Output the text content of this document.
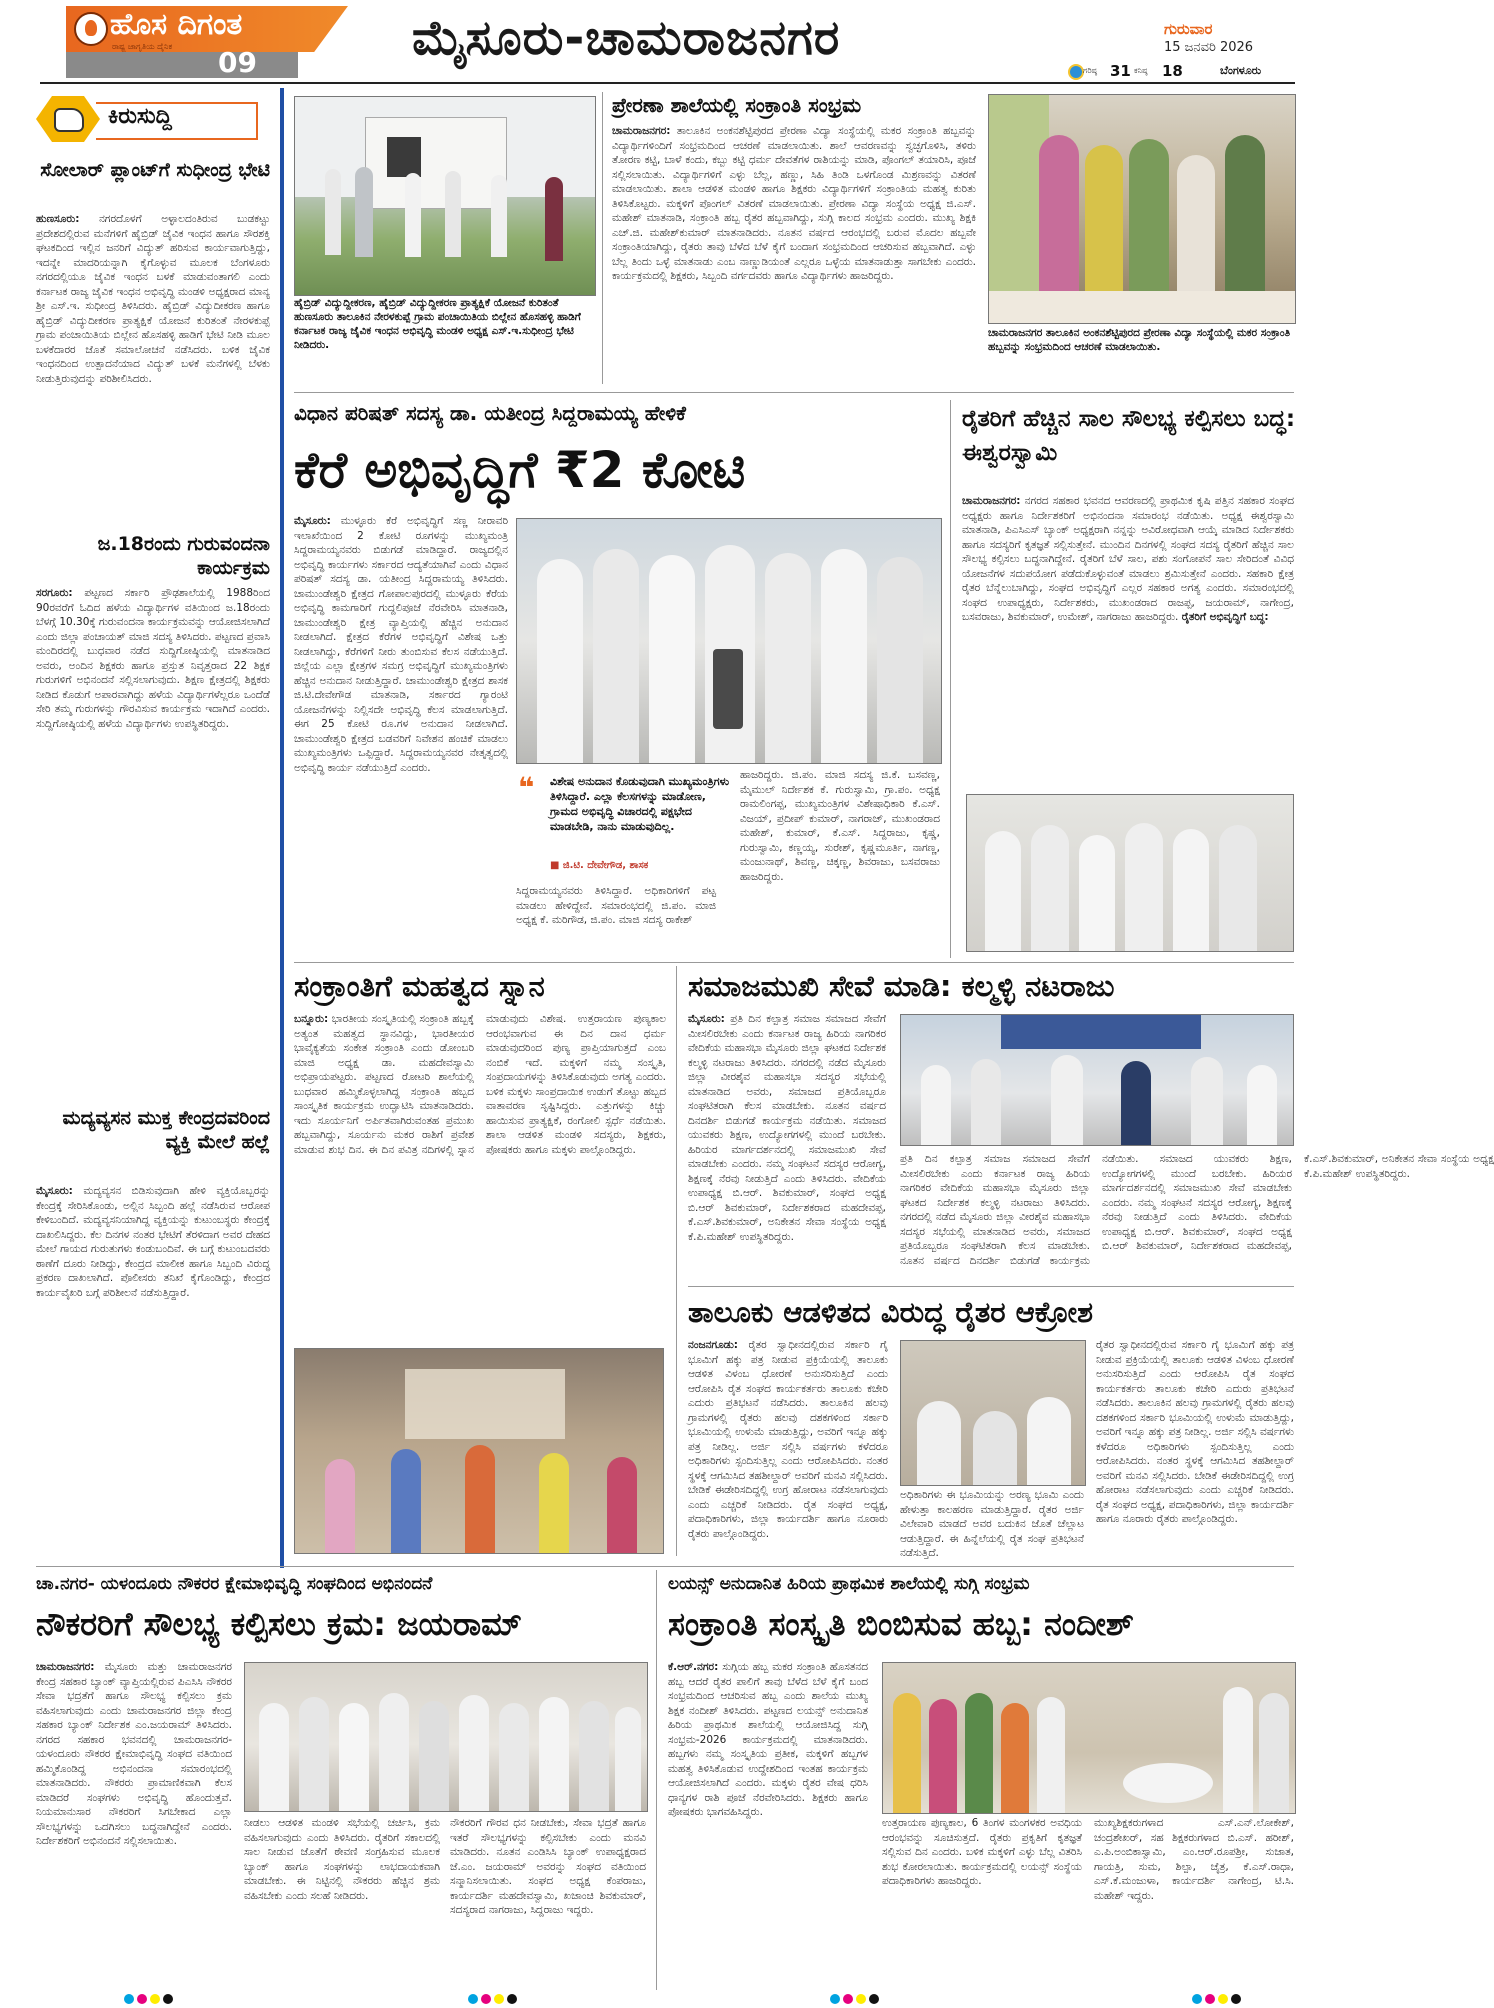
ಹೊಸ ದಿಗಂತ
ರಾಷ್ಟ್ರ ಜಾಗೃತಿಯ ದೈನಿಕ 09	ಮೈಸೂರು-ಚಾಮರಾಜನಗರ	ಗುರುವಾರ
15 ಜನವರಿ 2026
ಗರಿಷ್ಠ 31 ಕನಿಷ್ಠ 18	ಬೆಂಗಳೂರು
ಕಿರುಸುದ್ದಿ
ಸೋಲಾರ್ ಪ್ಲಾಂಟ್‌ಗೆ ಸುಧೀಂದ್ರ ಭೇಟಿ
ಹುಣಸೂರು: ನಗರದೊಳಗೆ ಅಳ್ಳಾಲದಂತಿರುವ ಬುಡಕಟ್ಟು ಪ್ರದೇಶದಲ್ಲಿರುವ ಮನೆಗಳಿಗೆ ಹೈಬ್ರಿಡ್ ಜೈವಿಕ ಇಂಧನ ಹಾಗೂ ಸೌರಶಕ್ತಿ ಘಟಕದಿಂದ ಇಲ್ಲಿನ ಜನರಿಗೆ ವಿದ್ಯುತ್ ಹರಿಸುವ ಕಾರ್ಯವಾಗುತ್ತಿದ್ದು, ಇದನ್ನೇ ಮಾದರಿಯನ್ನಾಗಿ ಕೈಗೊಳ್ಳುವ ಮೂಲಕ ಬೆಂಗಳೂರು ನಗರದಲ್ಲಿಯೂ ಜೈವಿಕ ಇಂಧನ ಬಳಕೆ ಮಾಡುವಂತಾಗಲಿ ಎಂದು ಕರ್ನಾಟಕ ರಾಜ್ಯ ಜೈವಿಕ ಇಂಧನ ಅಭಿವೃದ್ಧಿ ಮಂಡಳಿ ಅಧ್ಯಕ್ಷರಾದ ಮಾನ್ಯ ಶ್ರೀ ಎಸ್.ಇ. ಸುಧೀಂದ್ರ ತಿಳಿಸಿದರು. ಹೈಬ್ರಿಡ್ ವಿದ್ಯುದೀಕರಣ ಹಾಗೂ ಹೈಬ್ರಿಡ್ ವಿದ್ಯುದೀಕರಣ ಪ್ರಾತ್ಯಕ್ಷಿಕೆ ಯೋಜನೆ ಕುರಿತಂತೆ ನೇರಳಕುಪ್ಪೆ ಗ್ರಾಮ ಪಂಚಾಯಿತಿಯ ಬಿಲ್ಲೇನ ಹೊಸಹಳ್ಳಿ ಹಾಡಿಗೆ ಭೇಟಿ ನೀಡಿ ಮೂಲ ಬಳಕೆದಾರರ ಜೊತೆ ಸಮಾಲೋಚನೆ ನಡೆಸಿದರು. ಬಳಿಕ ಜೈವಿಕ ಇಂಧನದಿಂದ ಉತ್ಪಾದನೆಯಾದ ವಿದ್ಯುತ್ ಬಳಕೆ ಮನೆಗಳಲ್ಲಿ ಬೆಳಕು ನೀಡುತ್ತಿರುವುದನ್ನು ಪರಿಶೀಲಿಸಿದರು.
ಜ.18ರಂದು ಗುರುವಂದನಾ ಕಾರ್ಯಕ್ರಮ
ಸರಗೂರು: ಪಟ್ಟಣದ ಸರ್ಕಾರಿ ಪ್ರೌಢಶಾಲೆಯಲ್ಲಿ 1988ರಿಂದ 90ರವರೆಗೆ ಓದಿದ ಹಳೆಯ ವಿದ್ಯಾರ್ಥಿಗಳ ವತಿಯಿಂದ ಜ.18ರಂದು ಬೆಳಗ್ಗೆ 10.30ಕ್ಕೆ ಗುರುವಂದನಾ ಕಾರ್ಯಕ್ರಮವನ್ನು ಆಯೋಜಿಸಲಾಗಿದೆ ಎಂದು ಜಿಲ್ಲಾ ಪಂಚಾಯತ್ ಮಾಜಿ ಸದಸ್ಯ ತಿಳಿಸಿದರು. ಪಟ್ಟಣದ ಪ್ರವಾಸಿ ಮಂದಿರದಲ್ಲಿ ಬುಧವಾರ ನಡೆದ ಸುದ್ದಿಗೋಷ್ಠಿಯಲ್ಲಿ ಮಾತನಾಡಿದ ಅವರು, ಅಂದಿನ ಶಿಕ್ಷಕರು ಹಾಗೂ ಪ್ರಸ್ತುತ ನಿವೃತ್ತರಾದ 22 ಶಿಕ್ಷಕ ಗುರುಗಳಿಗೆ ಅಭಿನಂದನೆ ಸಲ್ಲಿಸಲಾಗುವುದು. ಶಿಕ್ಷಣ ಕ್ಷೇತ್ರದಲ್ಲಿ ಶಿಕ್ಷಕರು ನೀಡಿದ ಕೊಡುಗೆ ಅಪಾರವಾಗಿದ್ದು ಹಳೆಯ ವಿದ್ಯಾರ್ಥಿಗಳೆಲ್ಲರೂ ಒಂದೆಡೆ ಸೇರಿ ತಮ್ಮ ಗುರುಗಳನ್ನು ಗೌರವಿಸುವ ಕಾರ್ಯಕ್ರಮ ಇದಾಗಿದೆ ಎಂದರು. ಸುದ್ದಿಗೋಷ್ಠಿಯಲ್ಲಿ ಹಳೆಯ ವಿದ್ಯಾರ್ಥಿಗಳು ಉಪಸ್ಥಿತರಿದ್ದರು.
ಮದ್ಯವ್ಯಸನ ಮುಕ್ತ ಕೇಂದ್ರದವರಿಂದ ವ್ಯಕ್ತಿ ಮೇಲೆ ಹಲ್ಲೆ
ಮೈಸೂರು: ಮದ್ಯವ್ಯಸನ ಬಿಡಿಸುವುದಾಗಿ ಹೇಳಿ ವ್ಯಕ್ತಿಯೊಬ್ಬರನ್ನು ಕೇಂದ್ರಕ್ಕೆ ಸೇರಿಸಿಕೊಂಡು, ಅಲ್ಲಿನ ಸಿಬ್ಬಂದಿ ಹಲ್ಲೆ ನಡೆಸಿರುವ ಆರೋಪ ಕೇಳಿಬಂದಿದೆ. ಮದ್ಯವ್ಯಸನಿಯಾಗಿದ್ದ ವ್ಯಕ್ತಿಯನ್ನು ಕುಟುಂಬಸ್ಥರು ಕೇಂದ್ರಕ್ಕೆ ದಾಖಲಿಸಿದ್ದರು. ಕೆಲ ದಿನಗಳ ನಂತರ ಭೇಟಿಗೆ ತೆರಳಿದಾಗ ಅವರ ದೇಹದ ಮೇಲೆ ಗಾಯದ ಗುರುತುಗಳು ಕಂಡುಬಂದಿವೆ. ಈ ಬಗ್ಗೆ ಕುಟುಂಬದವರು ಠಾಣೆಗೆ ದೂರು ನೀಡಿದ್ದು, ಕೇಂದ್ರದ ಮಾಲೀಕ ಹಾಗೂ ಸಿಬ್ಬಂದಿ ವಿರುದ್ಧ ಪ್ರಕರಣ ದಾಖಲಾಗಿದೆ. ಪೊಲೀಸರು ತನಿಖೆ ಕೈಗೊಂಡಿದ್ದು, ಕೇಂದ್ರದ ಕಾರ್ಯವೈಖರಿ ಬಗ್ಗೆ ಪರಿಶೀಲನೆ ನಡೆಸುತ್ತಿದ್ದಾರೆ.
ಹೈಬ್ರಿಡ್ ವಿದ್ಯುದ್ದೀಕರಣ, ಹೈಬ್ರಿಡ್ ವಿದ್ಯುದ್ದೀಕರಣ ಪ್ರಾತ್ಯಕ್ಷಿಕೆ ಯೋಜನೆ ಕುರಿತಂತೆ ಹುಣಸೂರು ತಾಲೂಕಿನ ನೇರಳಕುಪ್ಪೆ ಗ್ರಾಮ ಪಂಚಾಯಿತಿಯ ಬಿಲ್ಲೇನ ಹೊಸಹಳ್ಳಿ ಹಾಡಿಗೆ ಕರ್ನಾಟಕ ರಾಜ್ಯ ಜೈವಿಕ ಇಂಧನ ಅಭಿವೃದ್ಧಿ ಮಂಡಳಿ ಅಧ್ಯಕ್ಷ ಎಸ್.ಇ.ಸುಧೀಂದ್ರ ಭೇಟಿ ನೀಡಿದರು.
ಪ್ರೇರಣಾ ಶಾಲೆಯಲ್ಲಿ ಸಂಕ್ರಾಂತಿ ಸಂಭ್ರಮ
ಚಾಮರಾಜನಗರ: ತಾಲೂಕಿನ ಅಂಕನಶೆಟ್ಟಿಪುರದ ಪ್ರೇರಣಾ ವಿದ್ಯಾ ಸಂಸ್ಥೆಯಲ್ಲಿ ಮಕರ ಸಂಕ್ರಾಂತಿ ಹಬ್ಬವನ್ನು ವಿದ್ಯಾರ್ಥಿಗಳಿಂದಿಗೆ ಸಂಭ್ರಮದಿಂದ ಆಚರಣೆ ಮಾಡಲಾಯಿತು. ಶಾಲೆ ಆವರಣವನ್ನು ಸ್ವಚ್ಛಗೊಳಿಸಿ, ತಳಿರು ತೋರಣ ಕಟ್ಟಿ, ಬಾಳೆ ಕಂದು, ಕಬ್ಬು ಕಟ್ಟಿ ಧರ್ಮ ದೇವತೆಗಳ ರಾಶಿಯನ್ನು ಮಾಡಿ, ಪೊಂಗಲ್ ತಯಾರಿಸಿ, ಪೂಜೆ ಸಲ್ಲಿಸಲಾಯಿತು. ವಿದ್ಯಾರ್ಥಿಗಳಿಗೆ ಎಳ್ಳು ಬೆಲ್ಲ, ಹಣ್ಣು, ಸಿಹಿ ತಿಂಡಿ ಒಳಗೊಂಡ ಮಿಶ್ರಣವನ್ನು ವಿತರಣೆ ಮಾಡಲಾಯಿತು. ಶಾಲಾ ಆಡಳಿತ ಮಂಡಳಿ ಹಾಗೂ ಶಿಕ್ಷಕರು ವಿದ್ಯಾರ್ಥಿಗಳಿಗೆ ಸಂಕ್ರಾಂತಿಯ ಮಹತ್ವ ಕುರಿತು ತಿಳಿಸಿಕೊಟ್ಟರು. ಮಕ್ಕಳಿಗೆ ಪೊಂಗಲ್ ವಿತರಣೆ ಮಾಡಲಾಯಿತು. ಪ್ರೇರಣಾ ವಿದ್ಯಾ ಸಂಸ್ಥೆಯ ಅಧ್ಯಕ್ಷ ಜಿ.ಎಸ್. ಮಹೇಶ್ ಮಾತನಾಡಿ, ಸಂಕ್ರಾಂತಿ ಹಬ್ಬ ರೈತರ ಹಬ್ಬವಾಗಿದ್ದು, ಸುಗ್ಗಿ ಕಾಲದ ಸಂಭ್ರಮ ಎಂದರು. ಮುಖ್ಯ ಶಿಕ್ಷಕಿ ಎಚ್.ಜಿ. ಮಹೇಶ್‌ಕುಮಾರ್ ಮಾತನಾಡಿದರು. ನೂತನ ವರ್ಷದ ಆರಂಭದಲ್ಲಿ ಬರುವ ಮೊದಲ ಹಬ್ಬವೇ ಸಂಕ್ರಾಂತಿಯಾಗಿದ್ದು, ರೈತರು ತಾವು ಬೆಳೆದ ಬೆಳೆ ಕೈಗೆ ಬಂದಾಗ ಸಂಭ್ರಮದಿಂದ ಆಚರಿಸುವ ಹಬ್ಬವಾಗಿದೆ. ಎಳ್ಳು ಬೆಲ್ಲ ತಿಂದು ಒಳ್ಳೆ ಮಾತನಾಡು ಎಂಬ ನಾಣ್ಣುಡಿಯಂತೆ ಎಲ್ಲರೂ ಒಳ್ಳೆಯ ಮಾತನಾಡುತ್ತಾ ಸಾಗಬೇಕು ಎಂದರು. ಕಾರ್ಯಕ್ರಮದಲ್ಲಿ ಶಿಕ್ಷಕರು, ಸಿಬ್ಬಂದಿ ವರ್ಗದವರು ಹಾಗೂ ವಿದ್ಯಾರ್ಥಿಗಳು ಹಾಜರಿದ್ದರು.
ಚಾಮರಾಜನಗರ ತಾಲೂಕಿನ ಅಂಕನಶೆಟ್ಟಿಪುರದ ಪ್ರೇರಣಾ ವಿದ್ಯಾ ಸಂಸ್ಥೆಯಲ್ಲಿ ಮಕರ ಸಂಕ್ರಾಂತಿ ಹಬ್ಬವನ್ನು ಸಂಭ್ರಮದಿಂದ ಆಚರಣೆ ಮಾಡಲಾಯಿತು.
ವಿಧಾನ ಪರಿಷತ್ ಸದಸ್ಯ ಡಾ. ಯತೀಂದ್ರ ಸಿದ್ದರಾಮಯ್ಯ ಹೇಳಿಕೆ
ಕೆರೆ ಅಭಿವೃದ್ಧಿಗೆ ₹2 ಕೋಟಿ
ಮೈಸೂರು: ಮುಳ್ಳೂರು ಕೆರೆ ಅಭಿವೃದ್ಧಿಗೆ ಸಣ್ಣ ನೀರಾವರಿ ಇಲಾಖೆಯಿಂದ 2 ಕೋಟಿ ರೂಗಳನ್ನು ಮುಖ್ಯಮಂತ್ರಿ ಸಿದ್ದರಾಮಯ್ಯನವರು ಬಿಡುಗಡೆ ಮಾಡಿದ್ದಾರೆ. ರಾಜ್ಯದಲ್ಲಿನ ಅಭಿವೃದ್ಧಿ ಕಾರ್ಯಗಳು ಸರ್ಕಾರದ ಆದ್ಯತೆಯಾಗಿವೆ ಎಂದು ವಿಧಾನ ಪರಿಷತ್ ಸದಸ್ಯ ಡಾ. ಯತೀಂದ್ರ ಸಿದ್ದರಾಮಯ್ಯ ತಿಳಿಸಿದರು. ಚಾಮುಂಡೇಶ್ವರಿ ಕ್ಷೇತ್ರದ ಗೋಪಾಲಪುರದಲ್ಲಿ ಮುಳ್ಳೂರು ಕೆರೆಯ ಅಭಿವೃದ್ಧಿ ಕಾಮಗಾರಿಗೆ ಗುದ್ದಲಿಪೂಜೆ ನೆರವೇರಿಸಿ ಮಾತನಾಡಿ, ಚಾಮುಂಡೇಶ್ವರಿ ಕ್ಷೇತ್ರ ವ್ಯಾಪ್ತಿಯಲ್ಲಿ ಹೆಚ್ಚಿನ ಅನುದಾನ ನೀಡಲಾಗಿದೆ. ಕ್ಷೇತ್ರದ ಕೆರೆಗಳ ಅಭಿವೃದ್ಧಿಗೆ ವಿಶೇಷ ಒತ್ತು ನೀಡಲಾಗಿದ್ದು, ಕೆರೆಗಳಿಗೆ ನೀರು ತುಂಬಿಸುವ ಕೆಲಸ ನಡೆಯುತ್ತಿದೆ. ಜಿಲ್ಲೆಯ ಎಲ್ಲಾ ಕ್ಷೇತ್ರಗಳ ಸಮಗ್ರ ಅಭಿವೃದ್ಧಿಗೆ ಮುಖ್ಯಮಂತ್ರಿಗಳು ಹೆಚ್ಚಿನ ಅನುದಾನ ನೀಡುತ್ತಿದ್ದಾರೆ. ಚಾಮುಂಡೇಶ್ವರಿ ಕ್ಷೇತ್ರದ ಶಾಸಕ ಜಿ.ಟಿ.ದೇವೇಗೌಡ ಮಾತನಾಡಿ, ಸರ್ಕಾರದ ಗ್ಯಾರಂಟಿ ಯೋಜನೆಗಳನ್ನು ನಿಲ್ಲಿಸದೇ ಅಭಿವೃದ್ಧಿ ಕೆಲಸ ಮಾಡಲಾಗುತ್ತಿದೆ. ಈಗ 25 ಕೋಟಿ ರೂ.ಗಳ ಅನುದಾನ ನೀಡಲಾಗಿದೆ. ಚಾಮುಂಡೇಶ್ವರಿ ಕ್ಷೇತ್ರದ ಬಡವರಿಗೆ ನಿವೇಶನ ಹಂಚಿಕೆ ಮಾಡಲು ಮುಖ್ಯಮಂತ್ರಿಗಳು ಒಪ್ಪಿದ್ದಾರೆ. ಸಿದ್ದರಾಮಯ್ಯನವರ ನೇತೃತ್ವದಲ್ಲಿ ಅಭಿವೃದ್ಧಿ ಕಾರ್ಯ ನಡೆಯುತ್ತಿದೆ ಎಂದರು.
❝ ವಿಶೇಷ ಅನುದಾನ ಕೊಡುವುದಾಗಿ ಮುಖ್ಯಮಂತ್ರಿಗಳು ತಿಳಿಸಿದ್ದಾರೆ. ಎಲ್ಲಾ ಕೆಲಸಗಳನ್ನು ಮಾಡೋಣ, ಗ್ರಾಮದ ಅಭಿವೃದ್ಧಿ ವಿಚಾರದಲ್ಲಿ ಪಕ್ಷಭೇದ ಮಾಡಬೇಡಿ, ನಾನು ಮಾಡುವುದಿಲ್ಲ.
■ ಜಿ.ಟಿ. ದೇವೇಗೌಡ, ಶಾಸಕ
ಸಿದ್ದರಾಮಯ್ಯನವರು ತಿಳಿಸಿದ್ದಾರೆ. ಅಧಿಕಾರಿಗಳಿಗೆ ಪಟ್ಟ ಮಾಡಲು ಹೇಳಿದ್ದೇನೆ. ಸಮಾರಂಭದಲ್ಲಿ ಜಿ.ಪಂ. ಮಾಜಿ ಅಧ್ಯಕ್ಷ ಕೆ. ಮರಿಗೌಡ, ಜಿ.ಪಂ. ಮಾಜಿ ಸದಸ್ಯ ರಾಕೇಶ್
ಹಾಜರಿದ್ದರು. ಜಿ.ಪಂ. ಮಾಜಿ ಸದಸ್ಯ ಜಿ.ಕೆ. ಬಸವಣ್ಣ, ಮೈಮುಲ್ ನಿರ್ದೇಶಕ ಕೆ. ಗುರುಸ್ವಾಮಿ, ಗ್ರಾ.ಪಂ. ಅಧ್ಯಕ್ಷ ರಾಮಲಿಂಗಪ್ಪ, ಮುಖ್ಯಮಂತ್ರಿಗಳ ವಿಶೇಷಾಧಿಕಾರಿ ಕೆ.ಎಸ್. ವಿಜಯ್, ಪ್ರದೀಪ್ ಕುಮಾರ್, ನಾಗರಾಜ್, ಮುಖಂಡರಾದ ಮಹೇಶ್, ಕುಮಾರ್, ಕೆ.ಎಸ್. ಸಿದ್ದರಾಜು, ಕೃಷ್ಣ, ಗುರುಸ್ವಾಮಿ, ಕಣ್ಣಯ್ಯ, ಸುರೇಶ್, ಕೃಷ್ಣಮೂರ್ತಿ, ನಾಗಣ್ಣ, ಮಂಜುನಾಥ್, ಶಿವಣ್ಣ, ಚಿಕ್ಕಣ್ಣ, ಶಿವರಾಜು, ಬಸವರಾಜು ಹಾಜರಿದ್ದರು.
ರೈತರಿಗೆ ಹೆಚ್ಚಿನ ಸಾಲ ಸೌಲಭ್ಯ ಕಲ್ಪಿಸಲು ಬದ್ಧ: ಈಶ್ವರಸ್ವಾಮಿ
ಚಾಮರಾಜನಗರ: ನಗರದ ಸಹಕಾರ ಭವನದ ಆವರಣದಲ್ಲಿ ಪ್ರಾಥಮಿಕ ಕೃಷಿ ಪತ್ತಿನ ಸಹಕಾರ ಸಂಘದ ಅಧ್ಯಕ್ಷರು ಹಾಗೂ ನಿರ್ದೇಶಕರಿಗೆ ಅಭಿನಂದನಾ ಸಮಾರಂಭ ನಡೆಯಿತು. ಅಧ್ಯಕ್ಷ ಈಶ್ವರಸ್ವಾಮಿ ಮಾತನಾಡಿ, ಪಿಎಸಿಎಸ್ ಬ್ಯಾಂಕ್ ಅಧ್ಯಕ್ಷರಾಗಿ ನನ್ನನ್ನು ಅವಿರೋಧವಾಗಿ ಆಯ್ಕೆ ಮಾಡಿದ ನಿರ್ದೇಶಕರು ಹಾಗೂ ಸದಸ್ಯರಿಗೆ ಕೃತಜ್ಞತೆ ಸಲ್ಲಿಸುತ್ತೇನೆ. ಮುಂದಿನ ದಿನಗಳಲ್ಲಿ ಸಂಘದ ಸದಸ್ಯ ರೈತರಿಗೆ ಹೆಚ್ಚಿನ ಸಾಲ ಸೌಲಭ್ಯ ಕಲ್ಪಿಸಲು ಬದ್ಧನಾಗಿದ್ದೇನೆ. ರೈತರಿಗೆ ಬೆಳೆ ಸಾಲ, ಪಶು ಸಂಗೋಪನೆ ಸಾಲ ಸೇರಿದಂತೆ ವಿವಿಧ ಯೋಜನೆಗಳ ಸದುಪಯೋಗ ಪಡೆದುಕೊಳ್ಳುವಂತೆ ಮಾಡಲು ಶ್ರಮಿಸುತ್ತೇನೆ ಎಂದರು. ಸಹಕಾರಿ ಕ್ಷೇತ್ರ ರೈತರ ಬೆನ್ನೆಲುಬಾಗಿದ್ದು, ಸಂಘದ ಅಭಿವೃದ್ಧಿಗೆ ಎಲ್ಲರ ಸಹಕಾರ ಅಗತ್ಯ ಎಂದರು. ಸಮಾರಂಭದಲ್ಲಿ ಸಂಘದ ಉಪಾಧ್ಯಕ್ಷರು, ನಿರ್ದೇಶಕರು, ಮುಖಂಡರಾದ ರಾಜಪ್ಪ, ಜಯರಾಮ್, ನಾಗೇಂದ್ರ, ಬಸವರಾಜು, ಶಿವಕುಮಾರ್, ಉಮೇಶ್, ನಾಗರಾಜು ಹಾಜರಿದ್ದರು. ರೈತರಿಗೆ ಅಭಿವೃದ್ಧಿಗೆ ಬದ್ಧ:
ಸಂಕ್ರಾಂತಿಗೆ ಮಹತ್ವದ ಸ್ನಾನ
ಬನ್ನೂರು: ಭಾರತೀಯ ಸಂಸ್ಕೃತಿಯಲ್ಲಿ ಸಂಕ್ರಾಂತಿ ಹಬ್ಬಕ್ಕೆ ಅತ್ಯಂತ ಮಹತ್ವದ ಸ್ಥಾನವಿದ್ದು, ಭಾರತೀಯರ ಭಾವೈಕ್ಯತೆಯ ಸಂಕೇತ ಸಂಕ್ರಾಂತಿ ಎಂದು ಡೋಂಬರಿ ಮಾಜಿ ಅಧ್ಯಕ್ಷ ಡಾ. ಮಹದೇವಸ್ವಾಮಿ ಅಭಿಪ್ರಾಯಪಟ್ಟರು. ಪಟ್ಟಣದ ರೋಟರಿ ಶಾಲೆಯಲ್ಲಿ ಬುಧವಾರ ಹಮ್ಮಿಕೊಳ್ಳಲಾಗಿದ್ದ ಸಂಕ್ರಾಂತಿ ಹಬ್ಬದ ಸಾಂಸ್ಕೃತಿಕ ಕಾರ್ಯಕ್ರಮ ಉದ್ಘಾಟಿಸಿ ಮಾತನಾಡಿದರು. ಇದು ಸೂರ್ಯನಿಗೆ ಅರ್ಪಿತವಾಗಿರುವಂತಹ ಪ್ರಮುಖ ಹಬ್ಬವಾಗಿದ್ದು, ಸೂರ್ಯನು ಮಕರ ರಾಶಿಗೆ ಪ್ರವೇಶ ಮಾಡುವ ಶುಭ ದಿನ. ಈ ದಿನ ಪವಿತ್ರ ನದಿಗಳಲ್ಲಿ ಸ್ನಾನ ಮಾಡುವುದು ವಿಶೇಷ. ಉತ್ತರಾಯಣ ಪುಣ್ಯಕಾಲ ಆರಂಭವಾಗುವ ಈ ದಿನ ದಾನ ಧರ್ಮ ಮಾಡುವುದರಿಂದ ಪುಣ್ಯ ಪ್ರಾಪ್ತಿಯಾಗುತ್ತದೆ ಎಂಬ ನಂಬಿಕೆ ಇದೆ. ಮಕ್ಕಳಿಗೆ ನಮ್ಮ ಸಂಸ್ಕೃತಿ, ಸಂಪ್ರದಾಯಗಳನ್ನು ತಿಳಿಸಿಕೊಡುವುದು ಅಗತ್ಯ ಎಂದರು. ಬಳಿಕ ಮಕ್ಕಳು ಸಾಂಪ್ರದಾಯಿಕ ಉಡುಗೆ ತೊಟ್ಟು ಹಬ್ಬದ ವಾತಾವರಣ ಸೃಷ್ಟಿಸಿದ್ದರು. ಎತ್ತುಗಳನ್ನು ಕಿಚ್ಚು ಹಾಯಿಸುವ ಪ್ರಾತ್ಯಕ್ಷಿಕೆ, ರಂಗೋಲಿ ಸ್ಪರ್ಧೆ ನಡೆಯಿತು. ಶಾಲಾ ಆಡಳಿತ ಮಂಡಳಿ ಸದಸ್ಯರು, ಶಿಕ್ಷಕರು, ಪೋಷಕರು ಹಾಗೂ ಮಕ್ಕಳು ಪಾಲ್ಗೊಂಡಿದ್ದರು.
ಸಮಾಜಮುಖಿ ಸೇವೆ ಮಾಡಿ: ಕಲ್ಮಳ್ಳಿ ನಟರಾಜು
ಮೈಸೂರು: ಪ್ರತಿ ದಿನ ಕಲ್ಪಾತ್ರ ಸಮಾಜ ಸಮಾಜದ ಸೇವೆಗೆ ಮೀಸಲಿರಬೇಕು ಎಂದು ಕರ್ನಾಟಕ ರಾಜ್ಯ ಹಿರಿಯ ನಾಗರಿಕರ ವೇದಿಕೆಯ ಮಹಾಸಭಾ ಮೈಸೂರು ಜಿಲ್ಲಾ ಘಟಕದ ನಿರ್ದೇಶಕ ಕಲ್ಮಳ್ಳಿ ನಟರಾಜು ತಿಳಿಸಿದರು. ನಗರದಲ್ಲಿ ನಡೆದ ಮೈಸೂರು ಜಿಲ್ಲಾ ವೀರಶೈವ ಮಹಾಸಭಾ ಸದಸ್ಯರ ಸಭೆಯಲ್ಲಿ ಮಾತನಾಡಿದ ಅವರು, ಸಮಾಜದ ಪ್ರತಿಯೊಬ್ಬರೂ ಸಂಘಟಿತರಾಗಿ ಕೆಲಸ ಮಾಡಬೇಕು. ನೂತನ ವರ್ಷದ ದಿನದರ್ಶಿ ಬಿಡುಗಡೆ ಕಾರ್ಯಕ್ರಮ ನಡೆಯಿತು. ಸಮಾಜದ ಯುವಕರು ಶಿಕ್ಷಣ, ಉದ್ಯೋಗಗಳಲ್ಲಿ ಮುಂದೆ ಬರಬೇಕು. ಹಿರಿಯರ ಮಾರ್ಗದರ್ಶನದಲ್ಲಿ ಸಮಾಜಮುಖಿ ಸೇವೆ ಮಾಡಬೇಕು ಎಂದರು. ನಮ್ಮ ಸಂಘಟನೆ ಸದಸ್ಯರ ಆರೋಗ್ಯ, ಶಿಕ್ಷಣಕ್ಕೆ ನೆರವು ನೀಡುತ್ತಿದೆ ಎಂದು ತಿಳಿಸಿದರು. ವೇದಿಕೆಯ ಉಪಾಧ್ಯಕ್ಷ ಬಿ.ಆರ್. ಶಿವಕುಮಾರ್, ಸಂಘದ ಅಧ್ಯಕ್ಷ ಬಿ.ಆರ್ ಶಿವಕುಮಾರ್, ನಿರ್ದೇಶಕರಾದ ಮಹದೇವಪ್ಪ, ಕೆ.ಎಸ್.ಶಿವಕುಮಾರ್, ಅನಿಕೇತನ ಸೇವಾ ಸಂಸ್ಥೆಯ ಅಧ್ಯಕ್ಷ ಕೆ.ಪಿ.ಮಹೇಶ್ ಉಪಸ್ಥಿತರಿದ್ದರು.
ಪ್ರತಿ ದಿನ ಕಲ್ಪಾತ್ರ ಸಮಾಜ ಸಮಾಜದ ಸೇವೆಗೆ ಮೀಸಲಿರಬೇಕು ಎಂದು ಕರ್ನಾಟಕ ರಾಜ್ಯ ಹಿರಿಯ ನಾಗರಿಕರ ವೇದಿಕೆಯ ಮಹಾಸಭಾ ಮೈಸೂರು ಜಿಲ್ಲಾ ಘಟಕದ ನಿರ್ದೇಶಕ ಕಲ್ಮಳ್ಳಿ ನಟರಾಜು ತಿಳಿಸಿದರು. ನಗರದಲ್ಲಿ ನಡೆದ ಮೈಸೂರು ಜಿಲ್ಲಾ ವೀರಶೈವ ಮಹಾಸಭಾ ಸದಸ್ಯರ ಸಭೆಯಲ್ಲಿ ಮಾತನಾಡಿದ ಅವರು, ಸಮಾಜದ ಪ್ರತಿಯೊಬ್ಬರೂ ಸಂಘಟಿತರಾಗಿ ಕೆಲಸ ಮಾಡಬೇಕು. ನೂತನ ವರ್ಷದ ದಿನದರ್ಶಿ ಬಿಡುಗಡೆ ಕಾರ್ಯಕ್ರಮ ನಡೆಯಿತು. ಸಮಾಜದ ಯುವಕರು ಶಿಕ್ಷಣ, ಉದ್ಯೋಗಗಳಲ್ಲಿ ಮುಂದೆ ಬರಬೇಕು. ಹಿರಿಯರ ಮಾರ್ಗದರ್ಶನದಲ್ಲಿ ಸಮಾಜಮುಖಿ ಸೇವೆ ಮಾಡಬೇಕು ಎಂದರು. ನಮ್ಮ ಸಂಘಟನೆ ಸದಸ್ಯರ ಆರೋಗ್ಯ, ಶಿಕ್ಷಣಕ್ಕೆ ನೆರವು ನೀಡುತ್ತಿದೆ ಎಂದು ತಿಳಿಸಿದರು. ವೇದಿಕೆಯ ಉಪಾಧ್ಯಕ್ಷ ಬಿ.ಆರ್. ಶಿವಕುಮಾರ್, ಸಂಘದ ಅಧ್ಯಕ್ಷ ಬಿ.ಆರ್ ಶಿವಕುಮಾರ್, ನಿರ್ದೇಶಕರಾದ ಮಹದೇವಪ್ಪ, ಕೆ.ಎಸ್.ಶಿವಕುಮಾರ್, ಅನಿಕೇತನ ಸೇವಾ ಸಂಸ್ಥೆಯ ಅಧ್ಯಕ್ಷ ಕೆ.ಪಿ.ಮಹೇಶ್ ಉಪಸ್ಥಿತರಿದ್ದರು.
ತಾಲೂಕು ಆಡಳಿತದ ವಿರುದ್ಧ ರೈತರ ಆಕ್ರೋಶ
ನಂಜನಗೂಡು: ರೈತರ ಸ್ವಾಧೀನದಲ್ಲಿರುವ ಸರ್ಕಾರಿ ಗೈ ಭೂಮಿಗೆ ಹಕ್ಕು ಪತ್ರ ನೀಡುವ ಪ್ರಕ್ರಿಯೆಯಲ್ಲಿ ತಾಲೂಕು ಆಡಳಿತ ವಿಳಂಬ ಧೋರಣೆ ಅನುಸರಿಸುತ್ತಿದೆ ಎಂದು ಆರೋಪಿಸಿ ರೈತ ಸಂಘದ ಕಾರ್ಯಕರ್ತರು ತಾಲೂಕು ಕಚೇರಿ ಎದುರು ಪ್ರತಿಭಟನೆ ನಡೆಸಿದರು. ತಾಲೂಕಿನ ಹಲವು ಗ್ರಾಮಗಳಲ್ಲಿ ರೈತರು ಹಲವು ದಶಕಗಳಿಂದ ಸರ್ಕಾರಿ ಭೂಮಿಯಲ್ಲಿ ಉಳುಮೆ ಮಾಡುತ್ತಿದ್ದು, ಅವರಿಗೆ ಇನ್ನೂ ಹಕ್ಕು ಪತ್ರ ನೀಡಿಲ್ಲ. ಅರ್ಜಿ ಸಲ್ಲಿಸಿ ವರ್ಷಗಳು ಕಳೆದರೂ ಅಧಿಕಾರಿಗಳು ಸ್ಪಂದಿಸುತ್ತಿಲ್ಲ ಎಂದು ಆರೋಪಿಸಿದರು. ನಂತರ ಸ್ಥಳಕ್ಕೆ ಆಗಮಿಸಿದ ತಹಶೀಲ್ದಾರ್ ಅವರಿಗೆ ಮನವಿ ಸಲ್ಲಿಸಿದರು. ಬೇಡಿಕೆ ಈಡೇರಿಸದಿದ್ದಲ್ಲಿ ಉಗ್ರ ಹೋರಾಟ ನಡೆಸಲಾಗುವುದು ಎಂದು ಎಚ್ಚರಿಕೆ ನೀಡಿದರು. ರೈತ ಸಂಘದ ಅಧ್ಯಕ್ಷ, ಪದಾಧಿಕಾರಿಗಳು, ಜಿಲ್ಲಾ ಕಾರ್ಯದರ್ಶಿ ಹಾಗೂ ನೂರಾರು ರೈತರು ಪಾಲ್ಗೊಂಡಿದ್ದರು.
ಅಧಿಕಾರಿಗಳು ಈ ಭೂಮಿಯನ್ನು ಅರಣ್ಯ ಭೂಮಿ ಎಂದು ಹೇಳುತ್ತಾ ಕಾಲಹರಣ ಮಾಡುತ್ತಿದ್ದಾರೆ. ರೈತರ ಅರ್ಜಿ ವಿಲೇವಾರಿ ಮಾಡದೆ ಅವರ ಬದುಕಿನ ಜೊತೆ ಚೆಲ್ಲಾಟ ಆಡುತ್ತಿದ್ದಾರೆ. ಈ ಹಿನ್ನೆಲೆಯಲ್ಲಿ ರೈತ ಸಂಘ ಪ್ರತಿಭಟನೆ ನಡೆಸುತ್ತಿದೆ.
ರೈತರ ಸ್ವಾಧೀನದಲ್ಲಿರುವ ಸರ್ಕಾರಿ ಗೈ ಭೂಮಿಗೆ ಹಕ್ಕು ಪತ್ರ ನೀಡುವ ಪ್ರಕ್ರಿಯೆಯಲ್ಲಿ ತಾಲೂಕು ಆಡಳಿತ ವಿಳಂಬ ಧೋರಣೆ ಅನುಸರಿಸುತ್ತಿದೆ ಎಂದು ಆರೋಪಿಸಿ ರೈತ ಸಂಘದ ಕಾರ್ಯಕರ್ತರು ತಾಲೂಕು ಕಚೇರಿ ಎದುರು ಪ್ರತಿಭಟನೆ ನಡೆಸಿದರು. ತಾಲೂಕಿನ ಹಲವು ಗ್ರಾಮಗಳಲ್ಲಿ ರೈತರು ಹಲವು ದಶಕಗಳಿಂದ ಸರ್ಕಾರಿ ಭೂಮಿಯಲ್ಲಿ ಉಳುಮೆ ಮಾಡುತ್ತಿದ್ದು, ಅವರಿಗೆ ಇನ್ನೂ ಹಕ್ಕು ಪತ್ರ ನೀಡಿಲ್ಲ. ಅರ್ಜಿ ಸಲ್ಲಿಸಿ ವರ್ಷಗಳು ಕಳೆದರೂ ಅಧಿಕಾರಿಗಳು ಸ್ಪಂದಿಸುತ್ತಿಲ್ಲ ಎಂದು ಆರೋಪಿಸಿದರು. ನಂತರ ಸ್ಥಳಕ್ಕೆ ಆಗಮಿಸಿದ ತಹಶೀಲ್ದಾರ್ ಅವರಿಗೆ ಮನವಿ ಸಲ್ಲಿಸಿದರು. ಬೇಡಿಕೆ ಈಡೇರಿಸದಿದ್ದಲ್ಲಿ ಉಗ್ರ ಹೋರಾಟ ನಡೆಸಲಾಗುವುದು ಎಂದು ಎಚ್ಚರಿಕೆ ನೀಡಿದರು. ರೈತ ಸಂಘದ ಅಧ್ಯಕ್ಷ, ಪದಾಧಿಕಾರಿಗಳು, ಜಿಲ್ಲಾ ಕಾರ್ಯದರ್ಶಿ ಹಾಗೂ ನೂರಾರು ರೈತರು ಪಾಲ್ಗೊಂಡಿದ್ದರು.
ಚಾ.ನಗರ- ಯಳಂದೂರು ನೌಕರರ ಕ್ಷೇಮಾಭಿವೃದ್ಧಿ ಸಂಘದಿಂದ ಅಭಿನಂದನೆ
ನೌಕರರಿಗೆ ಸೌಲಭ್ಯ ಕಲ್ಪಿಸಲು ಕ್ರಮ: ಜಯರಾಮ್
ಚಾಮರಾಜನಗರ: ಮೈಸೂರು ಮತ್ತು ಚಾಮರಾಜನಗರ ಕೇಂದ್ರ ಸಹಕಾರ ಬ್ಯಾಂಕ್ ವ್ಯಾಪ್ತಿಯಲ್ಲಿರುವ ಪಿಎಸಿಸಿ ನೌಕರರ ಸೇವಾ ಭದ್ರತೆಗೆ ಹಾಗೂ ಸೌಲಭ್ಯ ಕಲ್ಪಿಸಲು ಕ್ರಮ ವಹಿಸಲಾಗುವುದು ಎಂದು ಚಾಮರಾಜನಗರ ಜಿಲ್ಲಾ ಕೇಂದ್ರ ಸಹಕಾರ ಬ್ಯಾಂಕ್ ನಿರ್ದೇಶಕ ಎಂ.ಜಯರಾಮ್ ತಿಳಿಸಿದರು. ನಗರದ ಸಹಕಾರ ಭವನದಲ್ಲಿ ಚಾಮರಾಜನಗರ- ಯಳಂದೂರು ನೌಕರರ ಕ್ಷೇಮಾಭಿವೃದ್ಧಿ ಸಂಘದ ವತಿಯಿಂದ ಹಮ್ಮಿಕೊಂಡಿದ್ದ ಅಭಿನಂದನಾ ಸಮಾರಂಭದಲ್ಲಿ ಮಾತನಾಡಿದರು. ನೌಕರರು ಪ್ರಾಮಾಣಿಕವಾಗಿ ಕೆಲಸ ಮಾಡಿದರೆ ಸಂಘಗಳು ಅಭಿವೃದ್ಧಿ ಹೊಂದುತ್ತವೆ. ನಿಯಮಾನುಸಾರ ನೌಕರರಿಗೆ ಸಿಗಬೇಕಾದ ಎಲ್ಲಾ ಸೌಲಭ್ಯಗಳನ್ನು ಒದಗಿಸಲು ಬದ್ಧನಾಗಿದ್ದೇನೆ ಎಂದರು. ನಿರ್ದೇಶಕರಿಗೆ ಅಭಿನಂದನೆ ಸಲ್ಲಿಸಲಾಯಿತು.
ನೀಡಲು ಆಡಳಿತ ಮಂಡಳಿ ಸಭೆಯಲ್ಲಿ ಚರ್ಚಿಸಿ, ಕ್ರಮ ವಹಿಸಲಾಗುವುದು ಎಂದು ತಿಳಿಸಿದರು. ರೈತರಿಗೆ ಸಕಾಲದಲ್ಲಿ ಸಾಲ ನೀಡುವ ಜೊತೆಗೆ ಠೇವಣಿ ಸಂಗ್ರಹಿಸುವ ಮೂಲಕ ಬ್ಯಾಂಕ್ ಹಾಗೂ ಸಂಘಗಳನ್ನು ಲಾಭದಾಯಕವಾಗಿ ಮಾಡಬೇಕು. ಈ ನಿಟ್ಟಿನಲ್ಲಿ ನೌಕರರು ಹೆಚ್ಚಿನ ಶ್ರಮ ವಹಿಸಬೇಕು ಎಂದು ಸಲಹೆ ನೀಡಿದರು.
ನೌಕರರಿಗೆ ಗೌರವ ಧನ ನೀಡಬೇಕು, ಸೇವಾ ಭದ್ರತೆ ಹಾಗೂ ಇತರೆ ಸೌಲಭ್ಯಗಳನ್ನು ಕಲ್ಪಿಸಬೇಕು ಎಂದು ಮನವಿ ಮಾಡಿದರು. ನೂತನ ಎಂಡಿಸಿಸಿ ಬ್ಯಾಂಕ್ ಉಪಾಧ್ಯಕ್ಷರಾದ ಜೆ.ಎಂ. ಜಯರಾಮ್ ಅವರನ್ನು ಸಂಘದ ವತಿಯಿಂದ ಸನ್ಮಾನಿಸಲಾಯಿತು. ಸಂಘದ ಅಧ್ಯಕ್ಷ ಕೆಂಪರಾಜು, ಕಾರ್ಯದರ್ಶಿ ಮಹದೇವಸ್ವಾಮಿ, ಖಜಾಂಚಿ ಶಿವಕುಮಾರ್, ಸದಸ್ಯರಾದ ನಾಗರಾಜು, ಸಿದ್ದರಾಜು ಇದ್ದರು.
ಲಯನ್ಸ್ ಅನುದಾನಿತ ಹಿರಿಯ ಪ್ರಾಥಮಿಕ ಶಾಲೆಯಲ್ಲಿ ಸುಗ್ಗಿ ಸಂಭ್ರಮ
ಸಂಕ್ರಾಂತಿ ಸಂಸ್ಕೃತಿ ಬಿಂಬಿಸುವ ಹಬ್ಬ: ನಂದೀಶ್
ಕೆ.ಆರ್.ನಗರ: ಸುಗ್ಗಿಯ ಹಬ್ಬ ಮಕರ ಸಂಕ್ರಾಂತಿ ಹೊಸತನದ ಹಬ್ಬ ಆದರೆ ರೈತರ ಪಾಲಿಗೆ ತಾವು ಬೆಳೆದ ಬೆಳೆ ಕೈಗೆ ಬಂದ ಸಂಭ್ರಮದಿಂದ ಆಚರಿಸುವ ಹಬ್ಬ ಎಂದು ಶಾಲೆಯ ಮುಖ್ಯ ಶಿಕ್ಷಕ ನಂದೀಶ್ ತಿಳಿಸಿದರು. ಪಟ್ಟಣದ ಲಯನ್ಸ್ ಅನುದಾನಿತ ಹಿರಿಯ ಪ್ರಾಥಮಿಕ ಶಾಲೆಯಲ್ಲಿ ಆಯೋಜಿಸಿದ್ದ ಸುಗ್ಗಿ ಸಂಭ್ರಮ-2026 ಕಾರ್ಯಕ್ರಮದಲ್ಲಿ ಮಾತನಾಡಿದರು. ಹಬ್ಬಗಳು ನಮ್ಮ ಸಂಸ್ಕೃತಿಯ ಪ್ರತೀಕ, ಮಕ್ಕಳಿಗೆ ಹಬ್ಬಗಳ ಮಹತ್ವ ತಿಳಿಸಿಕೊಡುವ ಉದ್ದೇಶದಿಂದ ಇಂತಹ ಕಾರ್ಯಕ್ರಮ ಆಯೋಜಿಸಲಾಗಿದೆ ಎಂದರು. ಮಕ್ಕಳು ರೈತರ ವೇಷ ಧರಿಸಿ ಧಾನ್ಯಗಳ ರಾಶಿ ಪೂಜೆ ನೆರವೇರಿಸಿದರು. ಶಿಕ್ಷಕರು ಹಾಗೂ ಪೋಷಕರು ಭಾಗವಹಿಸಿದ್ದರು.
ಉತ್ತರಾಯಣ ಪುಣ್ಯಕಾಲ, 6 ತಿಂಗಳ ಮಂಗಳಕರ ಅವಧಿಯ ಆರಂಭವನ್ನು ಸೂಚಿಸುತ್ತದೆ. ರೈತರು ಪ್ರಕೃತಿಗೆ ಕೃತಜ್ಞತೆ ಸಲ್ಲಿಸುವ ದಿನ ಎಂದರು. ಬಳಿಕ ಮಕ್ಕಳಿಗೆ ಎಳ್ಳು ಬೆಲ್ಲ ವಿತರಿಸಿ ಶುಭ ಕೋರಲಾಯಿತು. ಕಾರ್ಯಕ್ರಮದಲ್ಲಿ ಲಯನ್ಸ್ ಸಂಸ್ಥೆಯ ಪದಾಧಿಕಾರಿಗಳು ಹಾಜರಿದ್ದರು.
ಮುಖ್ಯಶಿಕ್ಷಕರುಗಳಾದ ಎಸ್.ಎನ್.ಲೋಕೇಶ್, ಚಂದ್ರಶೇಖರ್, ಸಹ ಶಿಕ್ಷಕರುಗಳಾದ ಬಿ.ಎಸ್. ಹರೀಶ್, ಎ.ಪಿ.ಅಂಬಿಕಾಸ್ವಾಮಿ, ಎಂ.ಆರ್.ರೂಪಶ್ರೀ, ಸುಜಾತ, ಗಾಯತ್ರಿ, ಸುಮ, ಶಿಲ್ಪಾ, ಚೈತ್ರ, ಕೆ.ಎಸ್.ರಾಧಾ, ಎಸ್.ಕೆ.ಮಂಜುಳಾ, ಕಾರ್ಯದರ್ಶಿ ನಾಗೇಂದ್ರ, ಟಿ.ಸಿ. ಮಹೇಶ್ ಇದ್ದರು.
